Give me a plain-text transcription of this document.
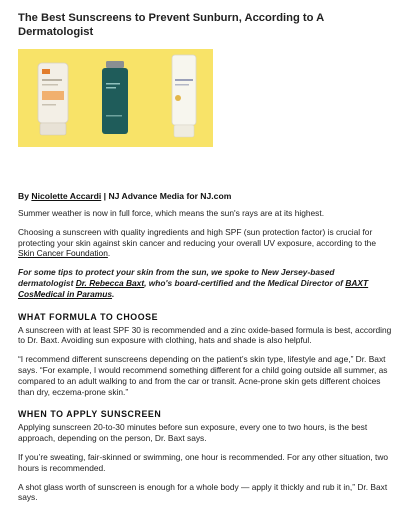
The Best Sunscreens to Prevent Sunburn, According to A Dermatologist
By Nicolette Accardi | NJ Advance Media for NJ.com

Summer weather is now in full force, which means the sun's rays are at its highest.

Choosing a sunscreen with quality ingredients and high SPF (sun protection factor) is crucial for protecting your skin against skin cancer and reducing your overall UV exposure, according to the Skin Cancer Foundation.

For some tips to protect your skin from the sun, we spoke to New Jersey-based dermatologist Dr. Rebecca Baxt, who's board-certified and the Medical Director of BAXT CosMedical in Paramus.

WHAT FORMULA TO CHOOSE

A sunscreen with at least SPF 30 is recommended and a zinc oxide-based formula is best, according to Dr. Baxt. Avoiding sun exposure with clothing, hats and shade is also helpful.

“I recommend different sunscreens depending on the patient’s skin type, lifestyle and age,” Dr. Baxt says. “For example, I would recommend something different for a child going outside all summer, as compared to an adult walking to and from the car or transit. Acne-prone skin gets different choices than dry, eczema-prone skin.”

WHEN TO APPLY SUNSCREEN

Applying sunscreen 20-to-30 minutes before sun exposure, every one to two hours, is the best approach, depending on the person, Dr. Baxt says.

If you’re sweating, fair-skinned or swimming, one hour is recommended. For any other situation, two hours is recommended.

A shot glass worth of sunscreen is enough for a whole body — apply it thickly and rub it in,” Dr. Baxt says.
